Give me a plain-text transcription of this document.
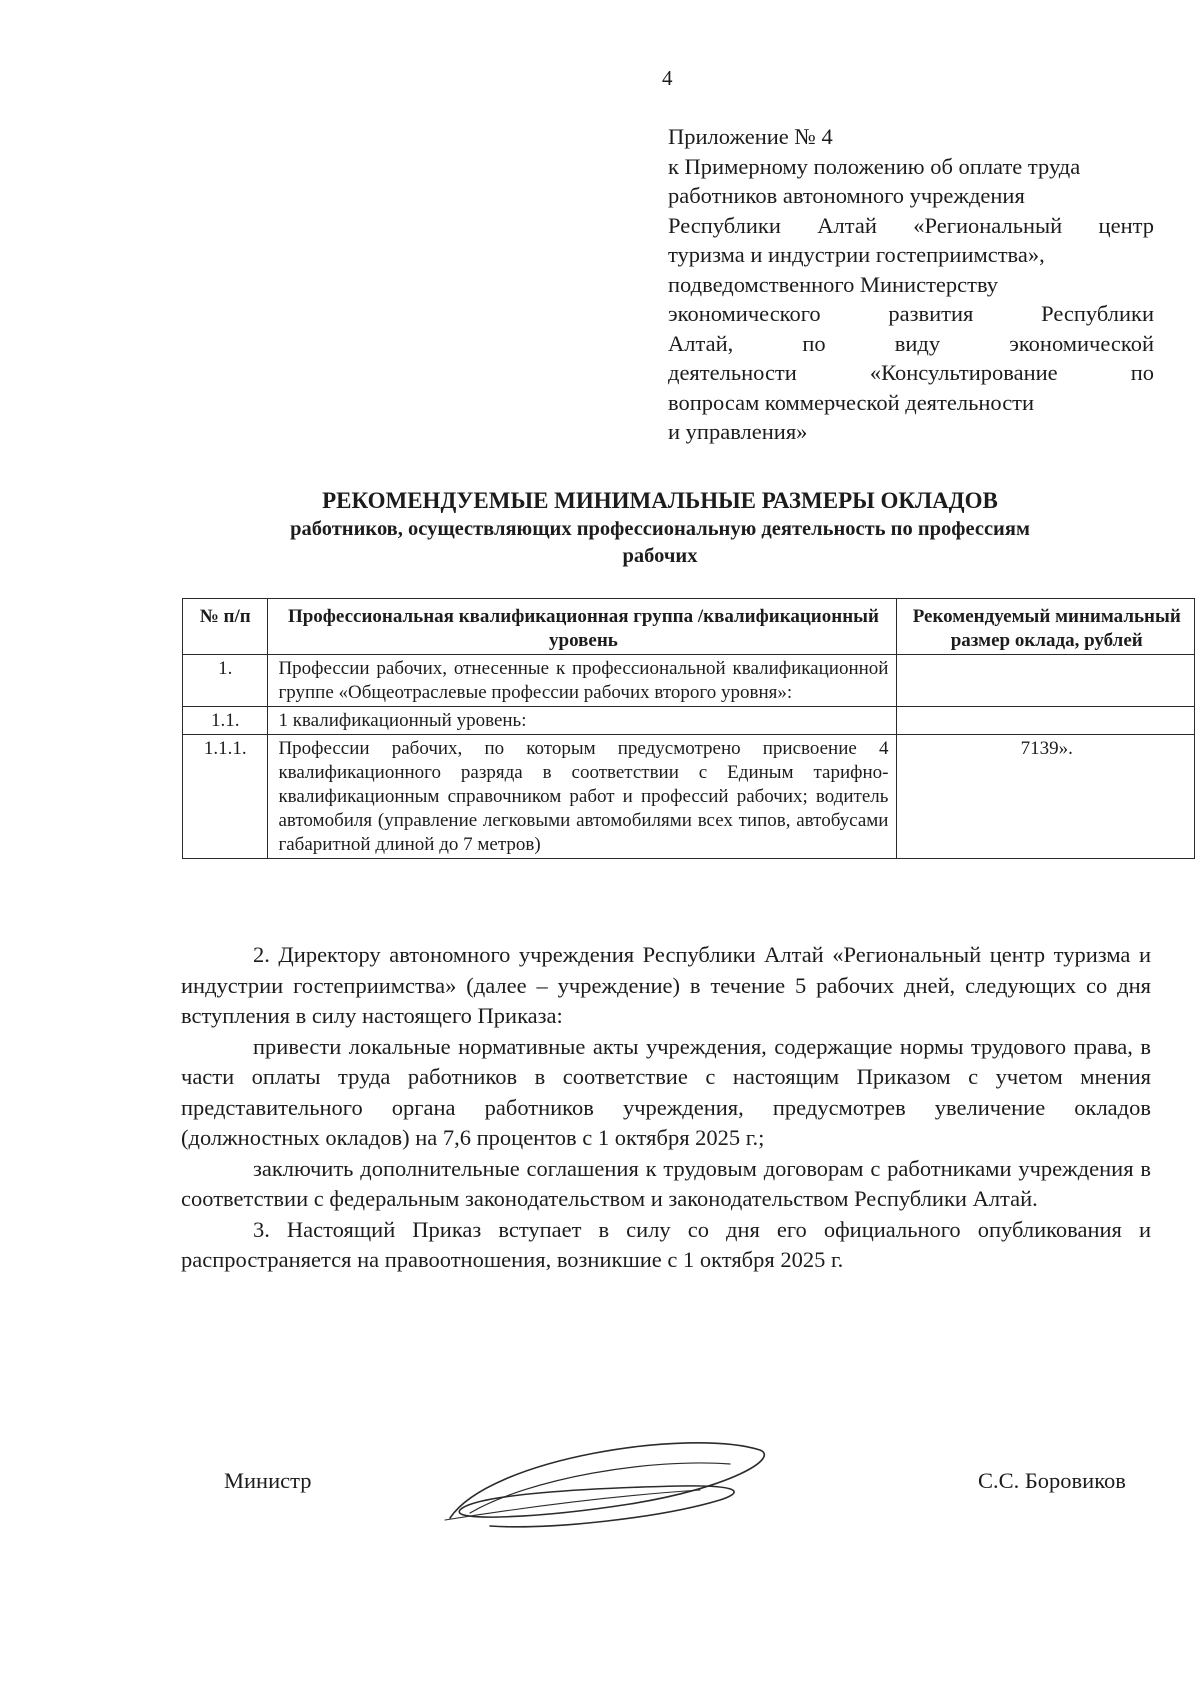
4
Приложение № 4
к Примерному положению об оплате труда
работников автономного учреждения
Республики Алтай «Региональный центр
туризма и индустрии гостеприимства»,
подведомственного Министерству
экономического развития Республики
Алтай, по виду экономической
деятельности «Консультирование по
вопросам коммерческой деятельности
и управления»
РЕКОМЕНДУЕМЫЕ МИНИМАЛЬНЫЕ РАЗМЕРЫ ОКЛАДОВ
работников, осуществляющих профессиональную деятельность по профессиям
рабочих
№ п/п	Профессиональная квалификационная группа /квалификационный уровень	Рекомендуемый минимальный размер оклада, рублей
1.	Профессии рабочих, отнесенные к профессиональной квалификационной группе «Общеотраслевые профессии рабочих второго уровня»:	
1.1.	1 квалификационный уровень:	
1.1.1.	Профессии рабочих, по которым предусмотрено присвоение 4 квалификационного разряда в соответствии с Единым тарифно-квалификационным справочником работ и профессий рабочих; водитель автомобиля (управление легковыми автомобилями всех типов, автобусами габаритной длиной до 7 метров)	7139».

2. Директору автономного учреждения Республики Алтай «Региональный центр туризма и индустрии гостеприимства» (далее – учреждение) в течение 5 рабочих дней, следующих со дня вступления в силу настоящего Приказа:

привести локальные нормативные акты учреждения, содержащие нормы трудового права, в части оплаты труда работников в соответствие с настоящим Приказом с учетом мнения представительного органа работников учреждения, предусмотрев увеличение окладов (должностных окладов) на 7,6 процентов с 1 октября 2025 г.;

заключить дополнительные соглашения к трудовым договорам с работниками учреждения в соответствии с федеральным законодательством и законодательством Республики Алтай.

3. Настоящий Приказ вступает в силу со дня его официального опубликования и распространяется на правоотношения, возникшие с 1 октября 2025 г.

Министр	С.С. Боровиков
